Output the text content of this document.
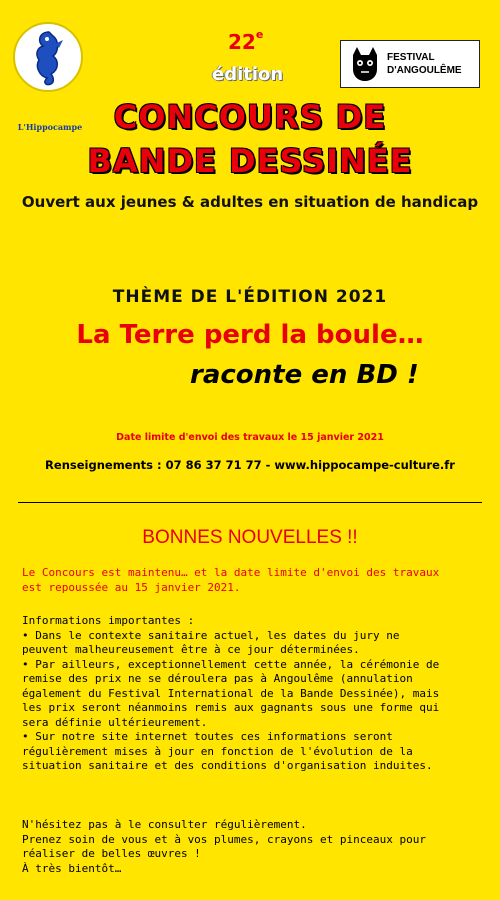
L'Hippocampe
22e
édition
FESTIVAL
D'ANGOULÊME
CONCOURS DE
BANDE DESSINÉE
Ouvert aux jeunes & adultes en situation de handicap
THÈME DE L'ÉDITION 2021
La Terre perd la boule…
raconte en BD !
Date limite d'envoi des travaux le 15 janvier 2021
Renseignements : 07 86 37 71 77 - www.hippocampe-culture.fr
BONNES NOUVELLES !!
Le Concours est maintenu… et la date limite d'envoi des travaux
est repoussée au 15 janvier 2021.
Informations importantes :
• Dans le contexte sanitaire actuel, les dates du jury ne
peuvent malheureusement être à ce jour déterminées.
• Par ailleurs, exceptionnellement cette année, la cérémonie de
remise des prix ne se déroulera pas à Angoulême (annulation
également du Festival International de la Bande Dessinée), mais
les prix seront néanmoins remis aux gagnants sous une forme qui
sera définie ultérieurement.
• Sur notre site internet toutes ces informations seront
régulièrement mises à jour en fonction de l'évolution de la
situation sanitaire et des conditions d'organisation induites.
N'hésitez pas à le consulter régulièrement.
Prenez soin de vous et à vos plumes, crayons et pinceaux pour
réaliser de belles œuvres !
À très bientôt…
